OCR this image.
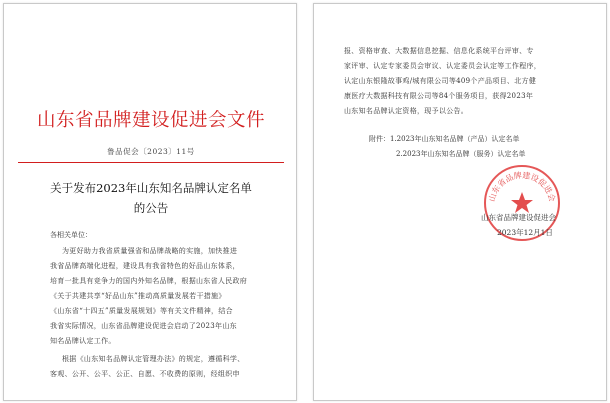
山东省品牌建设促进会文件
鲁品促会〔2023〕11号
关于发布2023年山东知名品牌认定名单
的公告
各相关单位：
为更好助力我省质量强省和品牌战略的实施，加快推进
我省品牌高端化进程，建设具有我省特色的好品山东体系，
培育一批具有竞争力的国内外知名品牌，根据山东省人民政府
《关于共建共享“好品山东”推动高质量发展若干措施》
《山东省“十四五”质量发展规划》等有关文件精神，结合
我省实际情况，山东省品牌建设促进会启动了2023年山东
知名品牌认定工作。
根据《山东知名品牌认定管理办法》的规定，遵循科学、
客观、公开、公平、公正、自愿、不收费的原则，经组织申
报、资格审查、大数据信息挖掘、信息化系统平台评审、专
家评审、认定专家委员会审议、认定委员会认定等工作程序，
认定山东银隆故事鸡/城有限公司等409个产品项目、北方健
康医疗大数据科技有限公司等84个服务项目，获得2023年
山东知名品牌认定资格，现予以公告。
附件：1.2023年山东知名品牌（产品）认定名单
2.2023年山东知名品牌（服务）认定名单
山东省品牌建设促进会
山东省品牌建设促进会
2023年12月1日
